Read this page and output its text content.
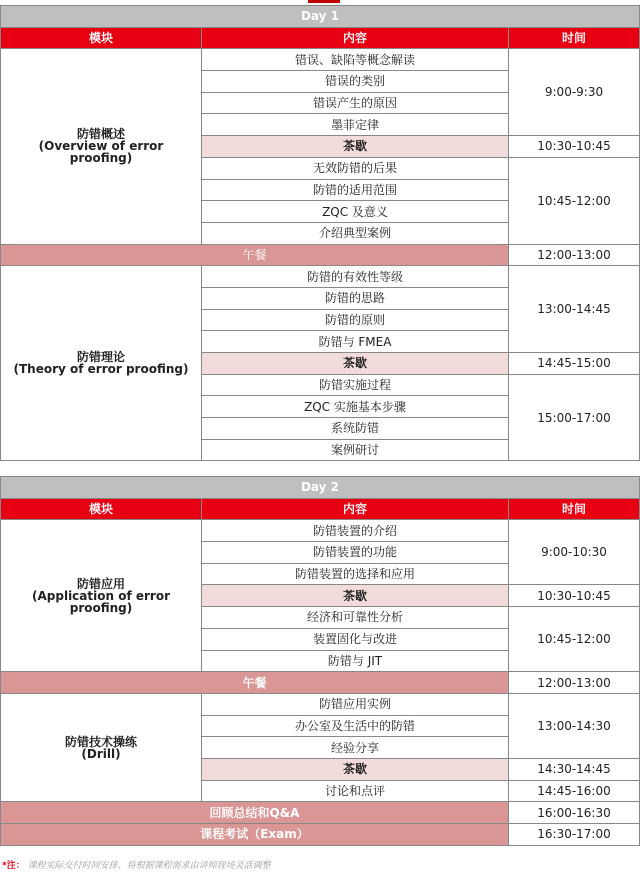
Day 1		
模块	内容	时间
防错概述
(Overview of error
proofing)	错误、缺陷等概念解读	9:00-9:30
	错误的类别	
	错误产生的原因	
	墨菲定律	
	茶歇	10:30-10:45
	无效防错的后果	10:45-12:00
	防错的适用范围	
	ZQC 及意义	
	介绍典型案例	
午餐		12:00-13:00
防错理论
(Theory of error proofing)	防错的有效性等级	13:00-14:45
	防错的思路	
	防错的原则	
	防错与 FMEA	
	茶歇	14:45-15:00
	防错实施过程	15:00-17:00
	ZQC 实施基本步骤	
	系统防错	
	案例研讨	
Day 2		
模块	内容	时间
防错应用
(Application of error
proofing)	防错装置的介绍	9:00-10:30
	防错装置的功能	
	防错装置的选择和应用	
	茶歇	10:30-10:45
	经济和可靠性分析	10:45-12:00
	装置固化与改进	
	防错与 JIT	
午餐		12:00-13:00
防错技术操练
(Drill)	防错应用实例	13:00-14:30
	办公室及生活中的防错	
	经验分享	
	茶歇	14:30-14:45
	讨论和点评	14:45-16:00
回顾总结和Q&A		16:00-16:30
课程考试（Exam）		16:30-17:00
*注： 课程实际交付时间安排、将根据课程需求由讲师现场灵活调整
